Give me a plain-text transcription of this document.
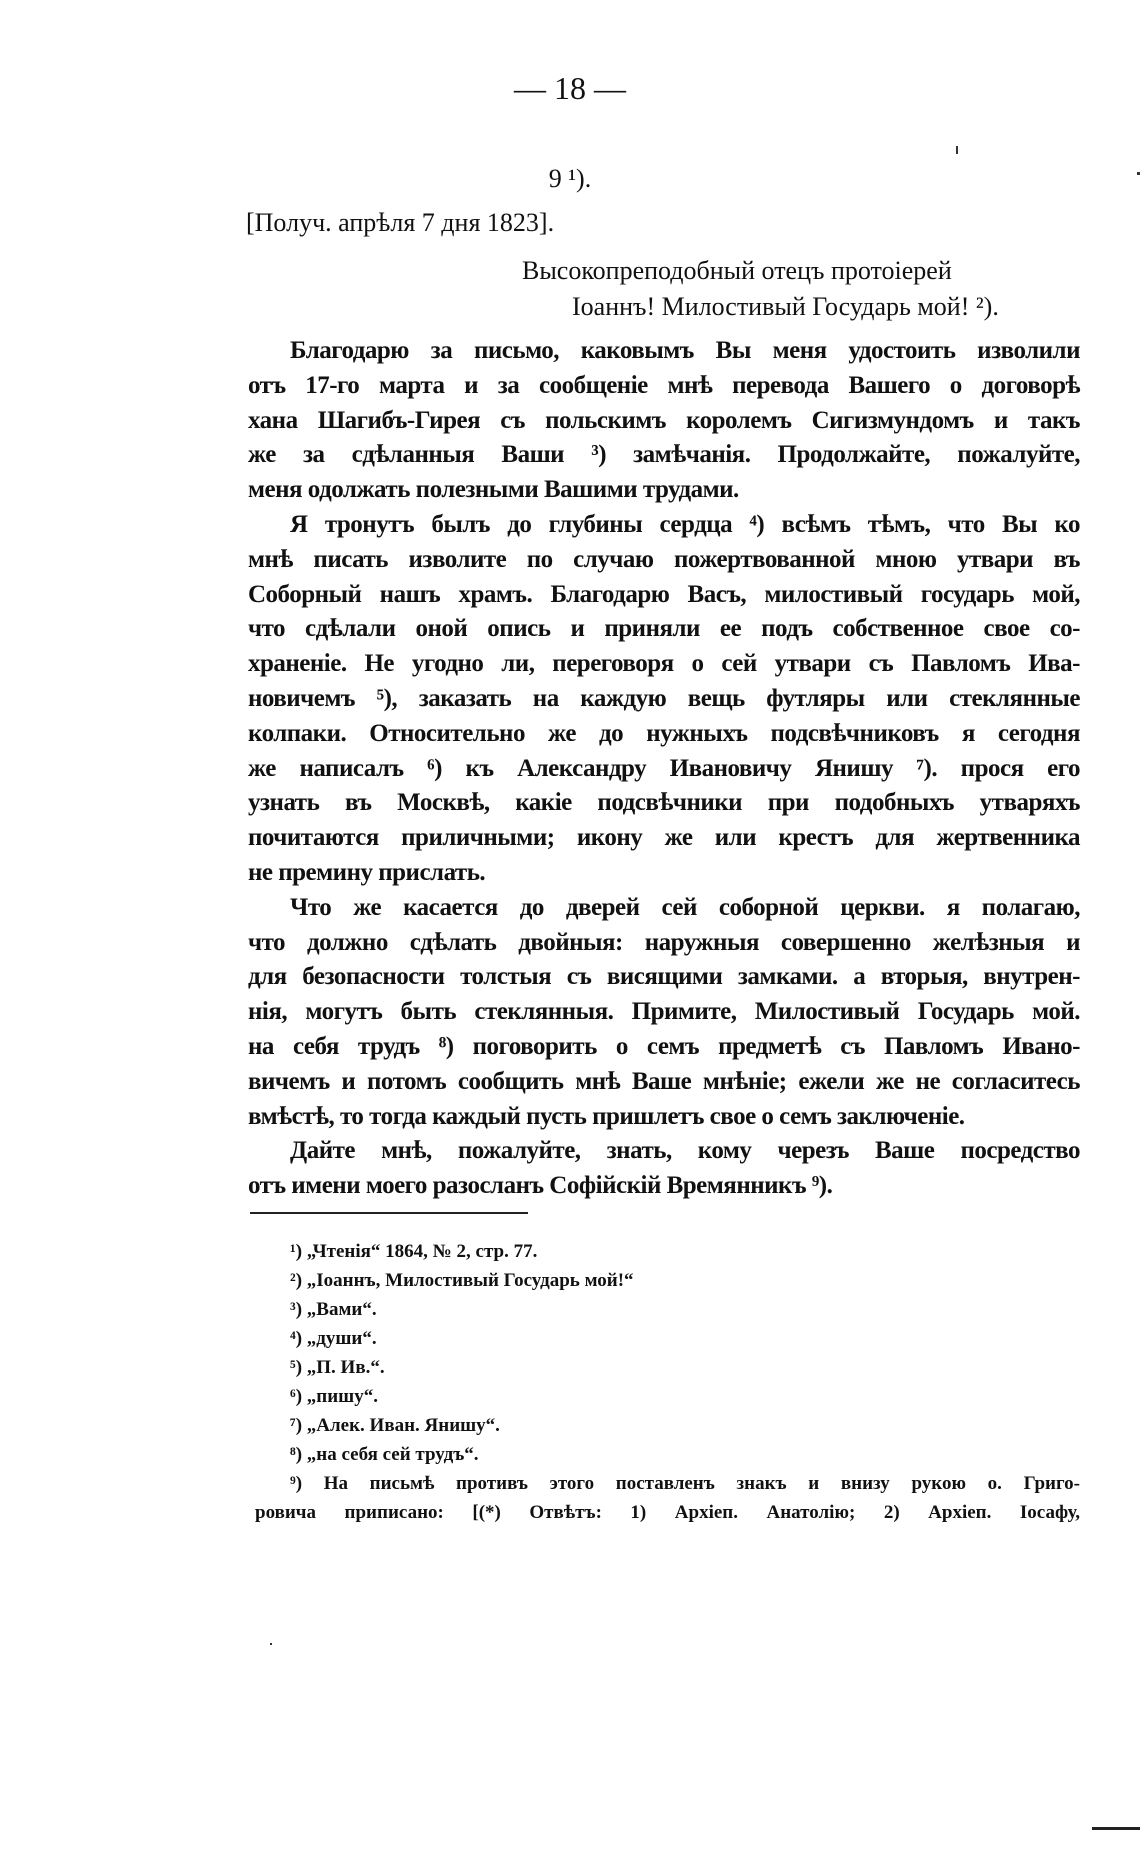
— 18 —
9 ¹).
[Получ. апрѣля 7 дня 1823].
Высокопреподобный отецъ протоіерей
Іоаннъ! Милостивый Государь мой! ²).
Благодарю за письмо, каковымъ Вы меня удостоить изволили
отъ 17-го марта и за сообщеніе мнѣ перевода Вашего о договорѣ
хана Шагибъ-Гирея съ польскимъ королемъ Сигизмундомъ и такъ
же за сдѣланныя Ваши ³) замѣчанія. Продолжайте, пожалуйте,
меня одолжать полезными Вашими трудами.
Я тронутъ былъ до глубины сердца ⁴) всѣмъ тѣмъ, что Вы ко
мнѣ писать изволите по случаю пожертвованной мною утвари въ
Соборный нашъ храмъ. Благодарю Васъ, милостивый государь мой,
что сдѣлали оной опись и приняли ее подъ собственное свое со-
храненіе. Не угодно ли, переговоря о сей утвари съ Павломъ Ива-
новичемъ ⁵), заказать на каждую вещь футляры или стеклянные
колпаки. Относительно же до нужныхъ подсвѣчниковъ я сегодня
же написалъ ⁶) къ Александру Ивановичу Янишу ⁷). прося его
узнать въ Москвѣ, какіе подсвѣчники при подобныхъ утваряхъ
почитаются приличными; икону же или крестъ для жертвенника
не премину прислать.
Что же касается до дверей сей соборной церкви. я полагаю,
что должно сдѣлать двойныя: наружныя совершенно желѣзныя и
для безопасности толстыя съ висящими замками. а вторыя, внутрен-
нія, могутъ быть стеклянныя. Примите, Милостивый Государь мой.
на себя трудъ ⁸) поговорить о семъ предметѣ съ Павломъ Ивано-
вичемъ и потомъ сообщить мнѣ Ваше мнѣніе; ежели же не согласитесь
вмѣстѣ, то тогда каждый пусть пришлетъ свое о семъ заключеніе.
Дайте мнѣ, пожалуйте, знать, кому черезъ Ваше посредство
отъ имени моего разосланъ Софійскій Времянникъ ⁹).
¹) „Чтенія“ 1864, № 2, стр. 77.
²) „Іоаннъ, Милостивый Государь мой!“
³) „Вами“.
⁴) „души“.
⁵) „П. Ив.“.
⁶) „пишу“.
⁷) „Алек. Иван. Янишу“.
⁸) „на себя сей трудъ“.
⁹) На письмѣ противъ этого поставленъ знакъ и внизу рукою о. Григо-
ровича приписано: [(*) Отвѣтъ: 1) Архіеп. Анатолію; 2) Архіеп. Іосафу,
